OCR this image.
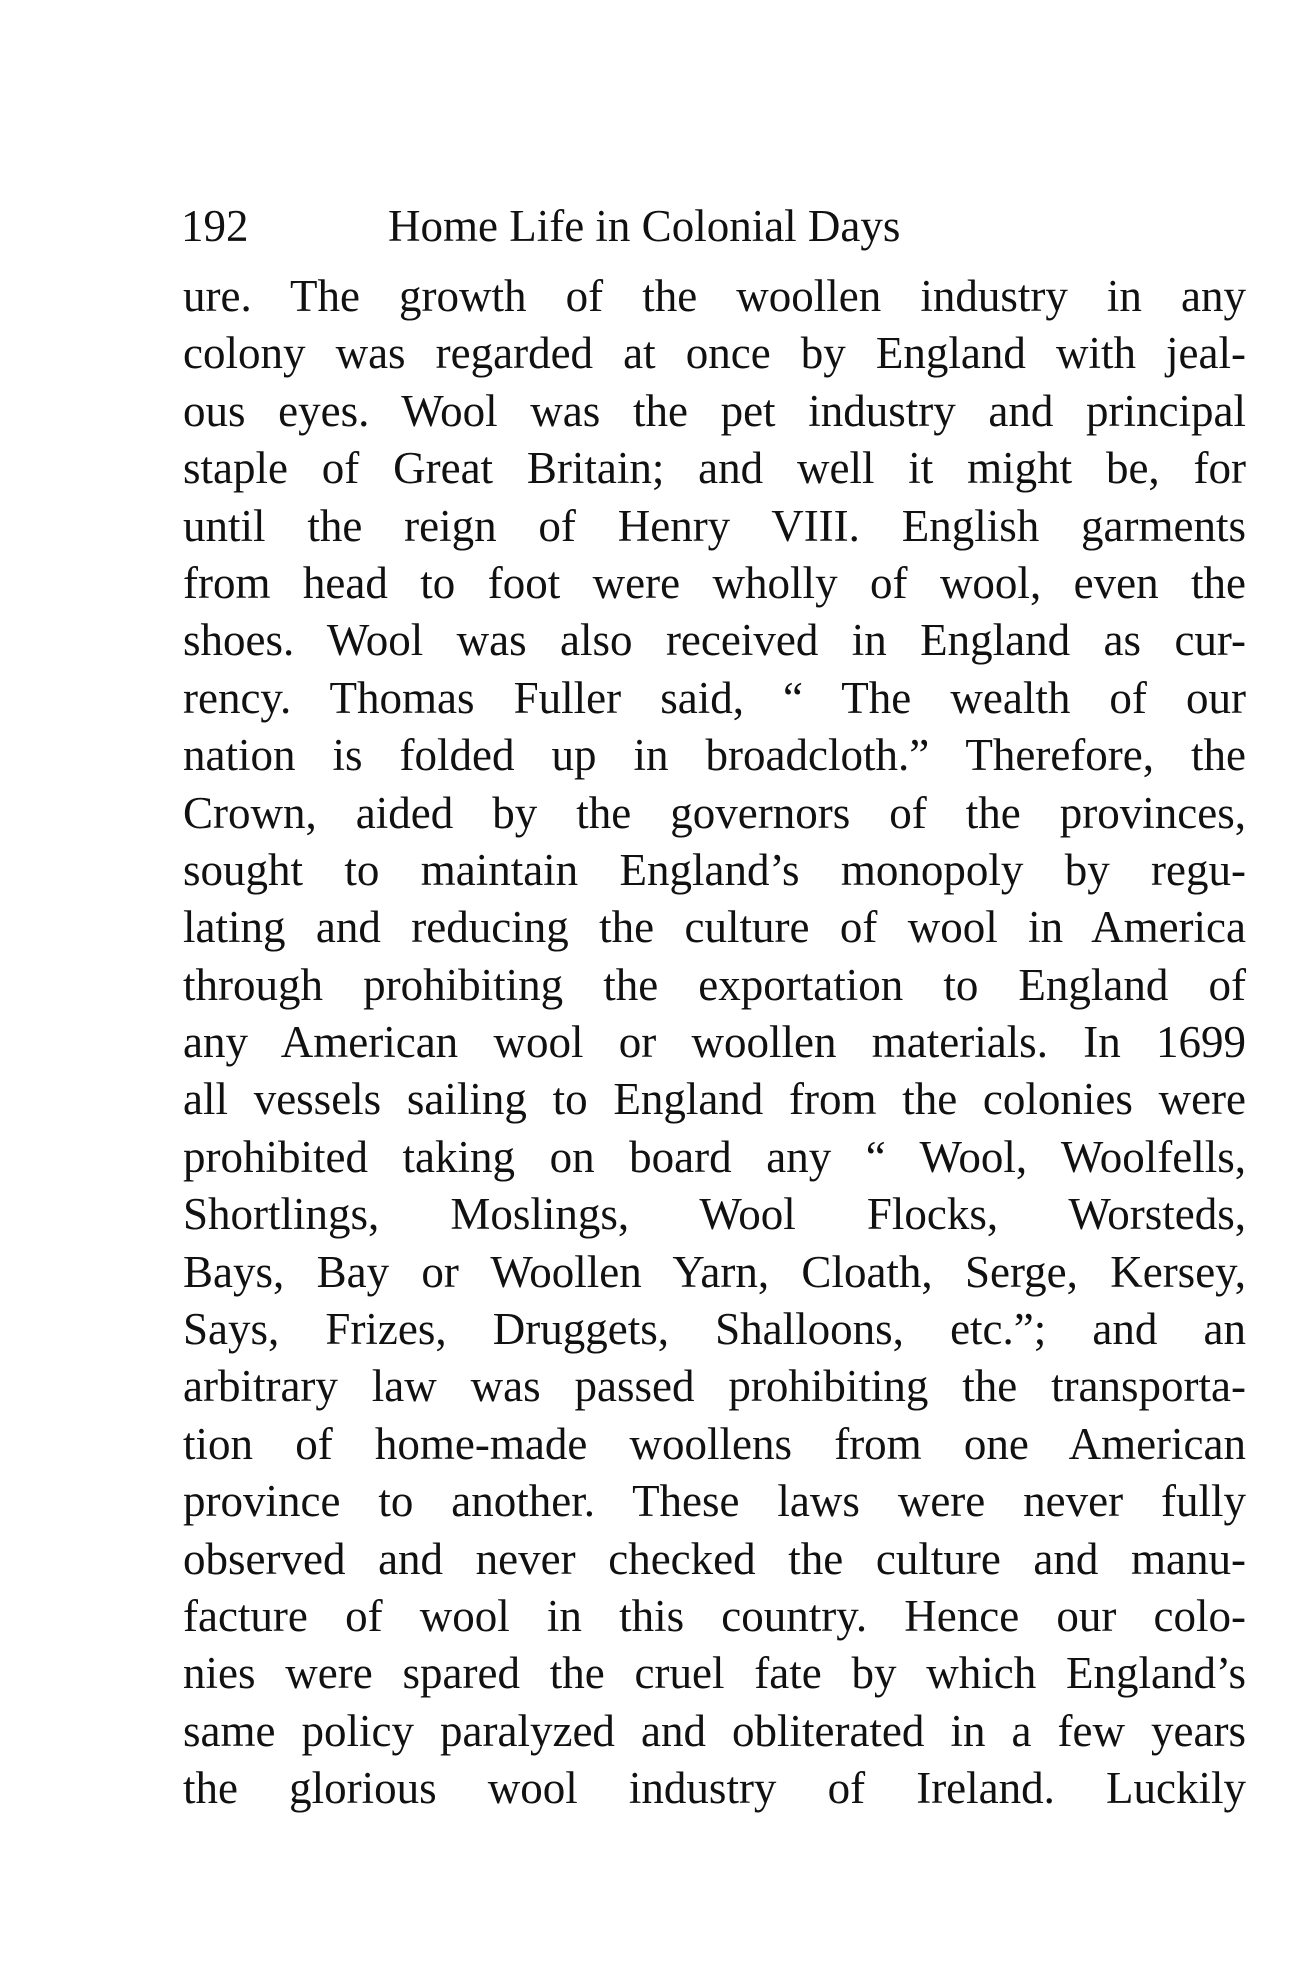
192	Home Life in Colonial Days
ure. The growth of the woollen industry in any
colony was regarded at once by England with jeal-
ous eyes. Wool was the pet industry and principal
staple of Great Britain; and well it might be, for
until the reign of Henry VIII. English garments
from head to foot were wholly of wool, even the
shoes. Wool was also received in England as cur-
rency. Thomas Fuller said, “ The wealth of our
nation is folded up in broadcloth.” Therefore, the
Crown, aided by the governors of the provinces,
sought to maintain England’s monopoly by regu-
lating and reducing the culture of wool in America
through prohibiting the exportation to England of
any American wool or woollen materials. In 1699
all vessels sailing to England from the colonies were
prohibited taking on board any “ Wool, Woolfells,
Shortlings, Moslings, Wool Flocks, Worsteds,
Bays, Bay or Woollen Yarn, Cloath, Serge, Kersey,
Says, Frizes, Druggets, Shalloons, etc.”; and an
arbitrary law was passed prohibiting the transporta-
tion of home-made woollens from one American
province to another. These laws were never fully
observed and never checked the culture and manu-
facture of wool in this country. Hence our colo-
nies were spared the cruel fate by which England’s
same policy paralyzed and obliterated in a few years
the glorious wool industry of Ireland. Luckily
